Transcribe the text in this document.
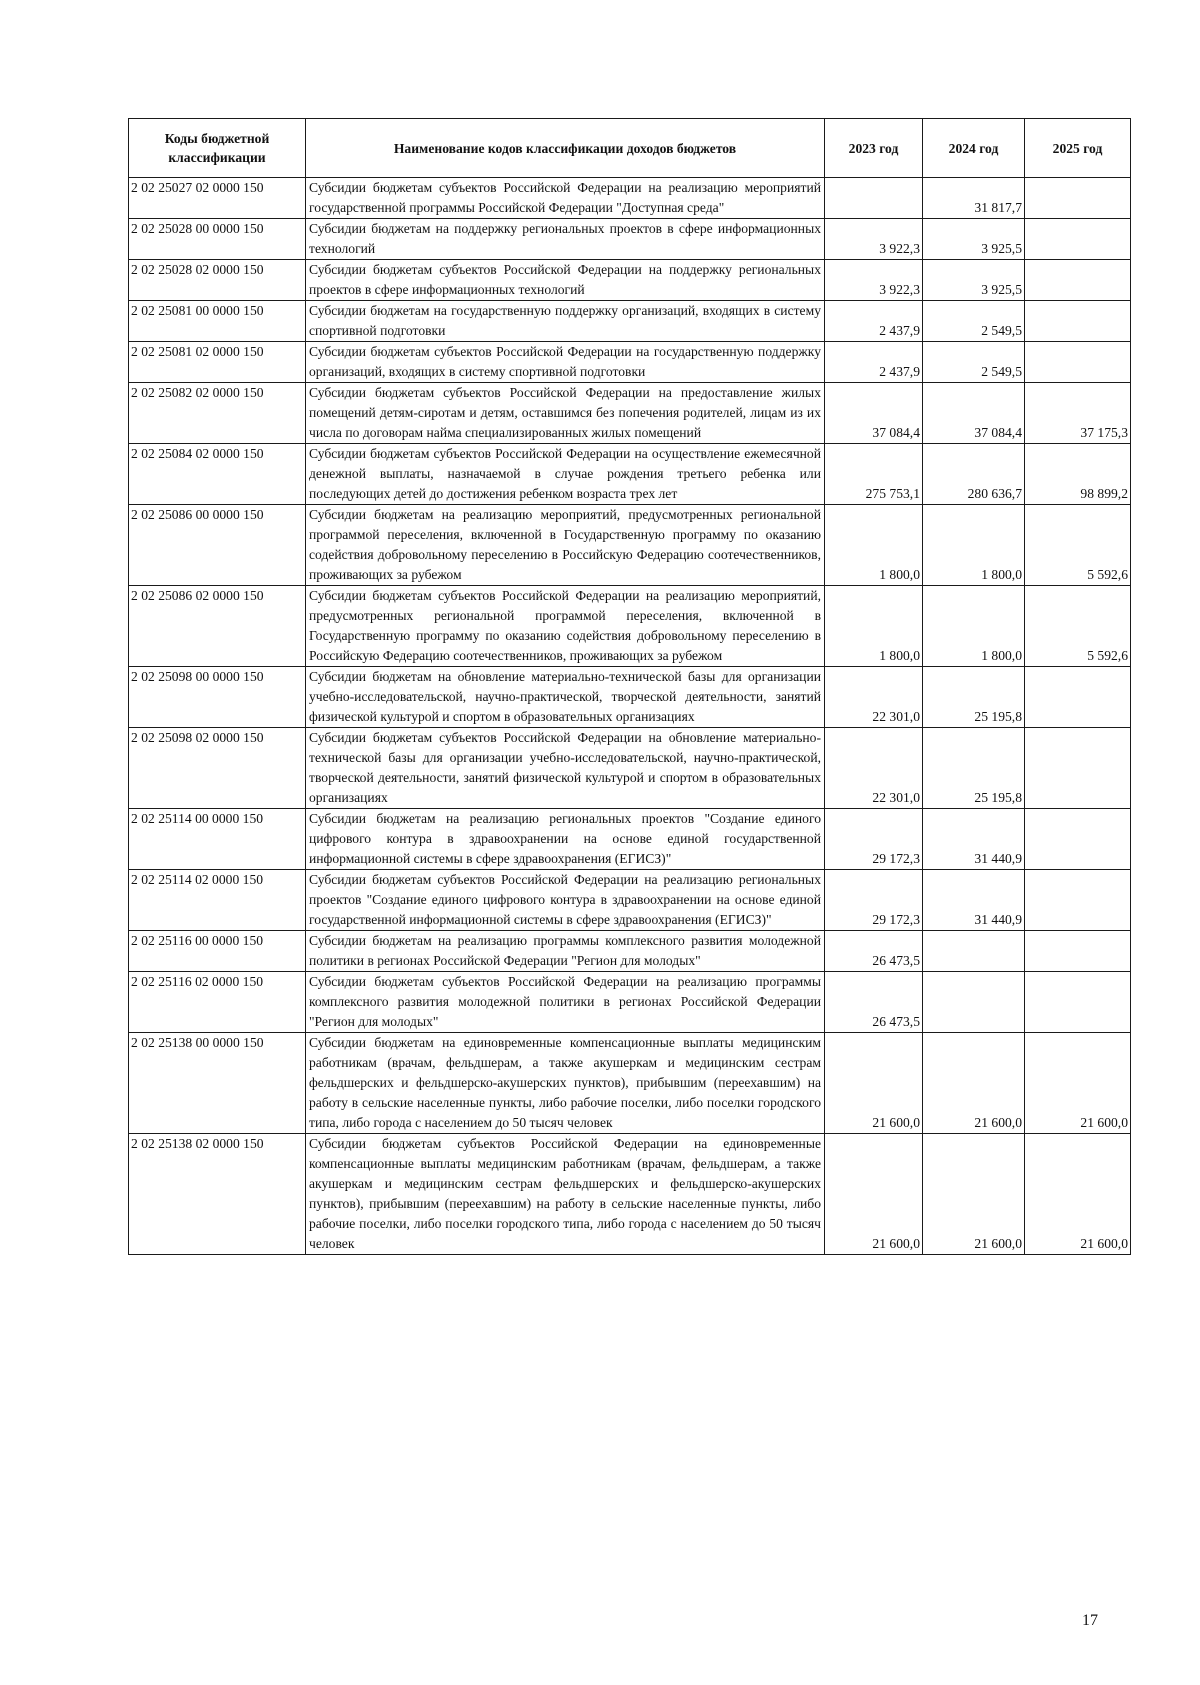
Коды бюджетной классификации	Наименование кодов классификации доходов бюджетов	2023 год	2024 год	2025 год
2 02 25027 02 0000 150	Субсидии бюджетам субъектов Российской Федерации на реализацию мероприятий государственной программы Российской Федерации "Доступная среда"		31 817,7	
2 02 25028 00 0000 150	Субсидии бюджетам на поддержку региональных проектов в сфере информационных технологий	3 922,3	3 925,5	
2 02 25028 02 0000 150	Субсидии бюджетам субъектов Российской Федерации на поддержку региональных проектов в сфере информационных технологий	3 922,3	3 925,5	
2 02 25081 00 0000 150	Субсидии бюджетам на государственную поддержку организаций, входящих в систему спортивной подготовки	2 437,9	2 549,5	
2 02 25081 02 0000 150	Субсидии бюджетам субъектов Российской Федерации на государственную поддержку организаций, входящих в систему спортивной подготовки	2 437,9	2 549,5	
2 02 25082 02 0000 150	Субсидии бюджетам субъектов Российской Федерации на предоставление жилых помещений детям-сиротам и детям, оставшимся без попечения родителей, лицам из их числа по договорам найма специализированных жилых помещений	37 084,4	37 084,4	37 175,3
2 02 25084 02 0000 150	Субсидии бюджетам субъектов Российской Федерации на осуществление ежемесячной денежной выплаты, назначаемой в случае рождения третьего ребенка или последующих детей до достижения ребенком возраста трех лет	275 753,1	280 636,7	98 899,2
2 02 25086 00 0000 150	Субсидии бюджетам на реализацию мероприятий, предусмотренных региональной программой переселения, включенной в Государственную программу по оказанию содействия добровольному переселению в Российскую Федерацию соотечественников, проживающих за рубежом	1 800,0	1 800,0	5 592,6
2 02 25086 02 0000 150	Субсидии бюджетам субъектов Российской Федерации на реализацию мероприятий, предусмотренных региональной программой переселения, включенной в Государственную программу по оказанию содействия добровольному переселению в Российскую Федерацию соотечественников, проживающих за рубежом	1 800,0	1 800,0	5 592,6
2 02 25098 00 0000 150	Субсидии бюджетам на обновление материально-технической базы для организации учебно-исследовательской, научно-практической, творческой деятельности, занятий физической культурой и спортом в образовательных организациях	22 301,0	25 195,8	
2 02 25098 02 0000 150	Субсидии бюджетам субъектов Российской Федерации на обновление материально-технической базы для организации учебно-исследовательской, научно-практической, творческой деятельности, занятий физической культурой и спортом в образовательных организациях	22 301,0	25 195,8	
2 02 25114 00 0000 150	Субсидии бюджетам на реализацию региональных проектов "Создание единого цифрового контура в здравоохранении на основе единой государственной информационной системы в сфере здравоохранения (ЕГИСЗ)"	29 172,3	31 440,9	
2 02 25114 02 0000 150	Субсидии бюджетам субъектов Российской Федерации на реализацию региональных проектов "Создание единого цифрового контура в здравоохранении на основе единой государственной информационной системы в сфере здравоохранения (ЕГИСЗ)"	29 172,3	31 440,9	
2 02 25116 00 0000 150	Субсидии бюджетам на реализацию программы комплексного развития молодежной политики в регионах Российской Федерации "Регион для молодых"	26 473,5		
2 02 25116 02 0000 150	Субсидии бюджетам субъектов Российской Федерации на реализацию программы комплексного развития молодежной политики в регионах Российской Федерации "Регион для молодых"	26 473,5		
2 02 25138 00 0000 150	Субсидии бюджетам на единовременные компенсационные выплаты медицинским работникам (врачам, фельдшерам, а также акушеркам и медицинским сестрам фельдшерских и фельдшерско-акушерских пунктов), прибывшим (переехавшим) на работу в сельские населенные пункты, либо рабочие поселки, либо поселки городского типа, либо города с населением до 50 тысяч человек	21 600,0	21 600,0	21 600,0
2 02 25138 02 0000 150	Субсидии бюджетам субъектов Российской Федерации на единовременные компенсационные выплаты медицинским работникам (врачам, фельдшерам, а также акушеркам и медицинским сестрам фельдшерских и фельдшерско-акушерских пунктов), прибывшим (переехавшим) на работу в сельские населенные пункты, либо рабочие поселки, либо поселки городского типа, либо города с населением до 50 тысяч человек	21 600,0	21 600,0	21 600,0
17
